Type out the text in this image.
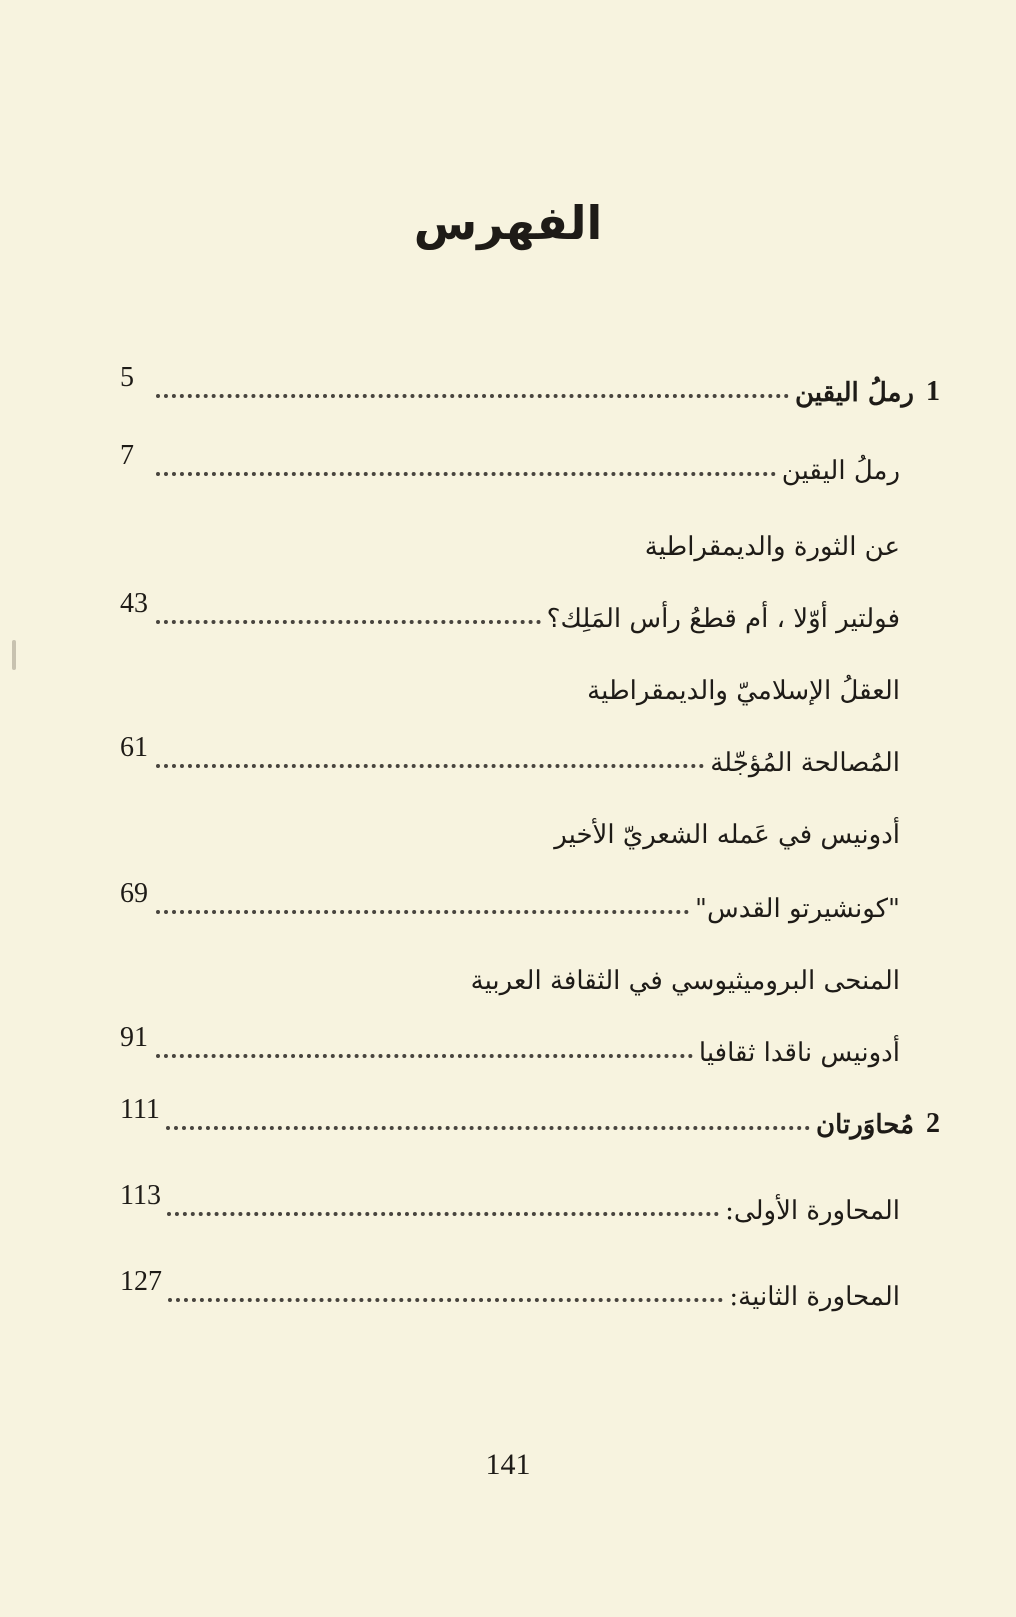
الفهرس
1
رملُ اليقين
5
رملُ اليقين
7
عن الثورة والديمقراطية
فولتير أوّلا ، أم قطعُ رأس المَلِك؟
43
العقلُ الإسلاميّ والديمقراطية
المُصالحة المُؤجّلة
61
أدونيس في عَمله الشعريّ الأخير
"كونشيرتو القدس"
69
المنحى البروميثيوسي في الثقافة العربية
أدونيس ناقدا ثقافيا
91
2
مُحاوَرتان
111
المحاورة الأولى:
113
المحاورة الثانية:
127
141
